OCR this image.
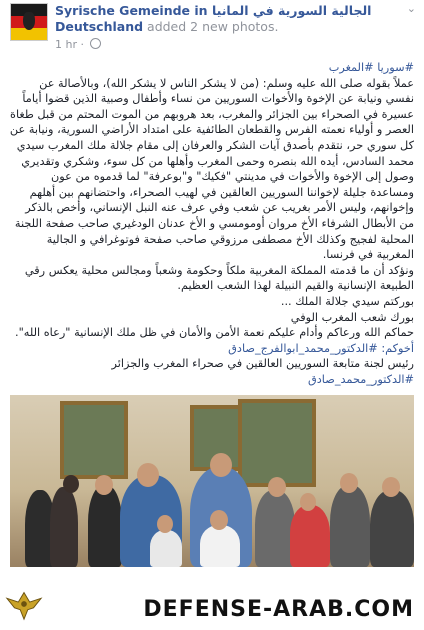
Syrische Gemeinde in الجالية السورية في المانيا
Deutschland added 2 new photos.
⌄
1 hr ·

#سوريا #المغرب

عملاً بقوله صلى الله عليه وسلم: (من لا يشكر الناس لا يشكر الله)، وبالأصالة عن نفسي ونيابة عن الإخوة والأخوات السوريين من نساء وأطفال وصبية الذين قضوا أياماً عسيرة في الصحراء بين الجزائر والمغرب، بعد هروبهم من الموت المحتم من قبل طغاة العصر و أولياء نعمته الفرس والقطعان الطائفية على امتداد الأراضي السورية، ونيابة عن كل سوري حر، نتقدم بأصدق آيات الشكر والعرفان إلى مقام جلالة ملك المغرب سيدي محمد السادس، أيده الله بنصره وحمى المغرب وأهلها من كل سوء، وشكري وتقديري وصول إلى الإخوة والأخوات في مدينتي "فكيك" و"بوعرفة" لما قدموه من عون ومساعدة جليلة لإخواننا السوريين العالقين في لهيب الصحراء، واحتضانهم بين أهلهم وإخوانهم، وليس الأمر بغريب عن شعب وفي عرف عنه النبل الإنساني، وأخص بالذكر من الأبطال الشرفاء الأخ مروان أومومسي و الأخ عدنان الودغيري صاحب صفحة اللجنة المحلية لفجيج وكذلك الأخ مصطفى مرزوقي صاحب صفحة فوتوغرافي و الجالية المغربية في فرنسا.

ونؤكد أن ما قدمته المملكة المغربية ملكاً وحكومة وشعباً ومجالس محلية يعكس رقي الطبيعة الإنسانية والقيم النبيلة لهذا الشعب العظيم.

بوركتم سيدي جلالة الملك ...

بورك شعب المغرب الوفي

حماكم الله ورعاكم وأدام عليكم نعمة الأمن والأمان في ظل ملك الإنسانية "رعاه الله".

أخوكم: #الدكتور_محمد_ابوالفرج_صادق

رئيس لجنة متابعة السوريين العالقين في صحراء المغرب والجزائر

#الدكتور_محمد_صادق

DEFENSE-ARAB.COM
